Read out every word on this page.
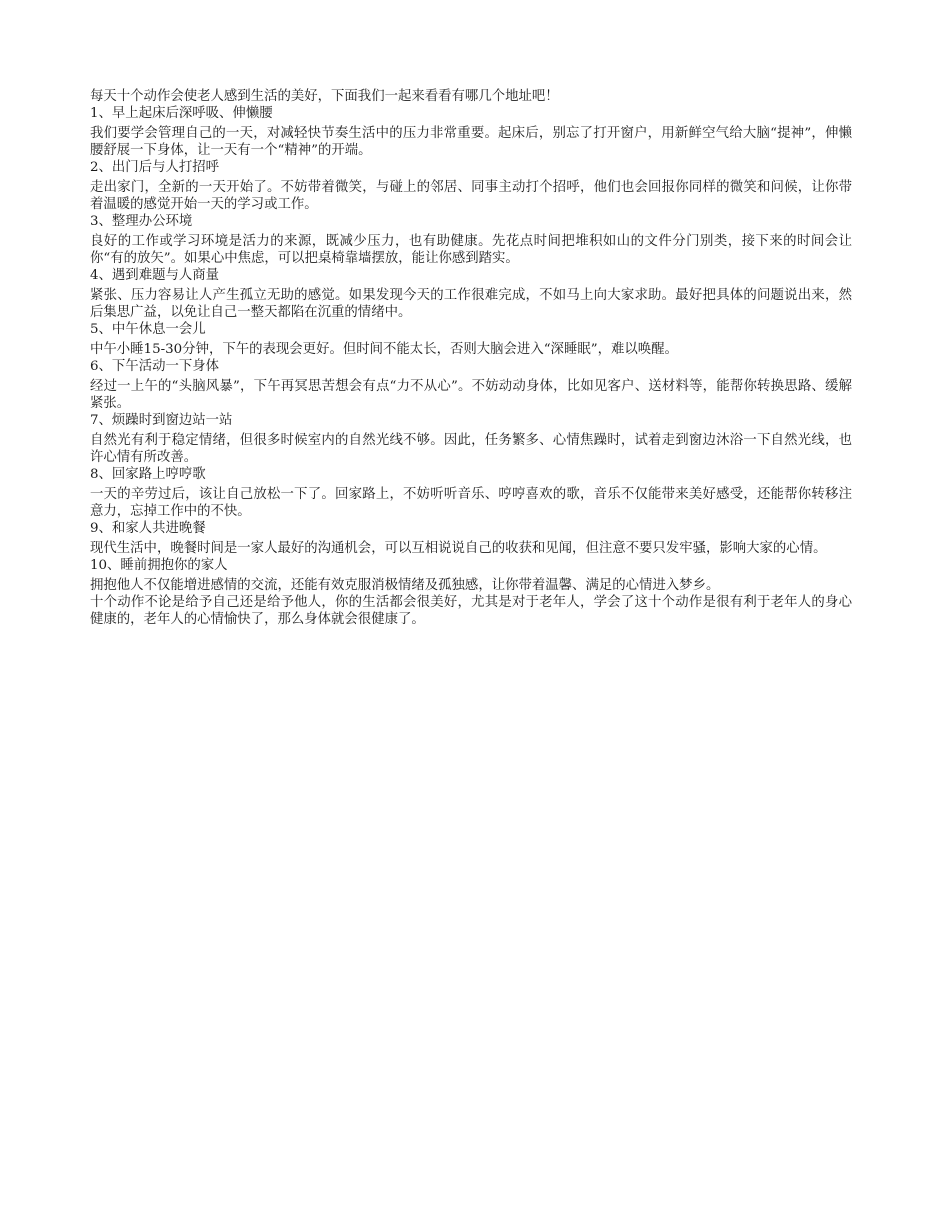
每天十个动作会使老人感到生活的美好，下面我们一起来看看有哪几个地址吧！

1、早上起床后深呼吸、伸懒腰

我们要学会管理自己的一天，对减轻快节奏生活中的压力非常重要。起床后，别忘了打开窗户，用新鲜空气给大脑“提神”，伸懒腰舒展一下身体，让一天有一个“精神”的开端。

2、出门后与人打招呼

走出家门，全新的一天开始了。不妨带着微笑，与碰上的邻居、同事主动打个招呼，他们也会回报你同样的微笑和问候，让你带着温暖的感觉开始一天的学习或工作。

3、整理办公环境

良好的工作或学习环境是活力的来源，既减少压力，也有助健康。先花点时间把堆积如山的文件分门别类，接下来的时间会让你“有的放矢”。如果心中焦虑，可以把桌椅靠墙摆放，能让你感到踏实。

4、遇到难题与人商量

紧张、压力容易让人产生孤立无助的感觉。如果发现今天的工作很难完成，不如马上向大家求助。最好把具体的问题说出来，然后集思广益，以免让自己一整天都陷在沉重的情绪中。

5、中午休息一会儿

中午小睡15-30分钟，下午的表现会更好。但时间不能太长，否则大脑会进入“深睡眠”，难以唤醒。

6、下午活动一下身体

经过一上午的“头脑风暴”，下午再冥思苦想会有点“力不从心”。不妨动动身体，比如见客户、送材料等，能帮你转换思路、缓解紧张。

7、烦躁时到窗边站一站

自然光有利于稳定情绪，但很多时候室内的自然光线不够。因此，任务繁多、心情焦躁时，试着走到窗边沐浴一下自然光线，也许心情有所改善。

8、回家路上哼哼歌

一天的辛劳过后，该让自己放松一下了。回家路上，不妨听听音乐、哼哼喜欢的歌，音乐不仅能带来美好感受，还能帮你转移注意力，忘掉工作中的不快。

9、和家人共进晚餐

现代生活中，晚餐时间是一家人最好的沟通机会，可以互相说说自己的收获和见闻，但注意不要只发牢骚，影响大家的心情。

10、睡前拥抱你的家人

拥抱他人不仅能增进感情的交流，还能有效克服消极情绪及孤独感，让你带着温馨、满足的心情进入梦乡。

十个动作不论是给予自己还是给予他人，你的生活都会很美好，尤其是对于老年人，学会了这十个动作是很有利于老年人的身心健康的，老年人的心情愉快了，那么身体就会很健康了。
